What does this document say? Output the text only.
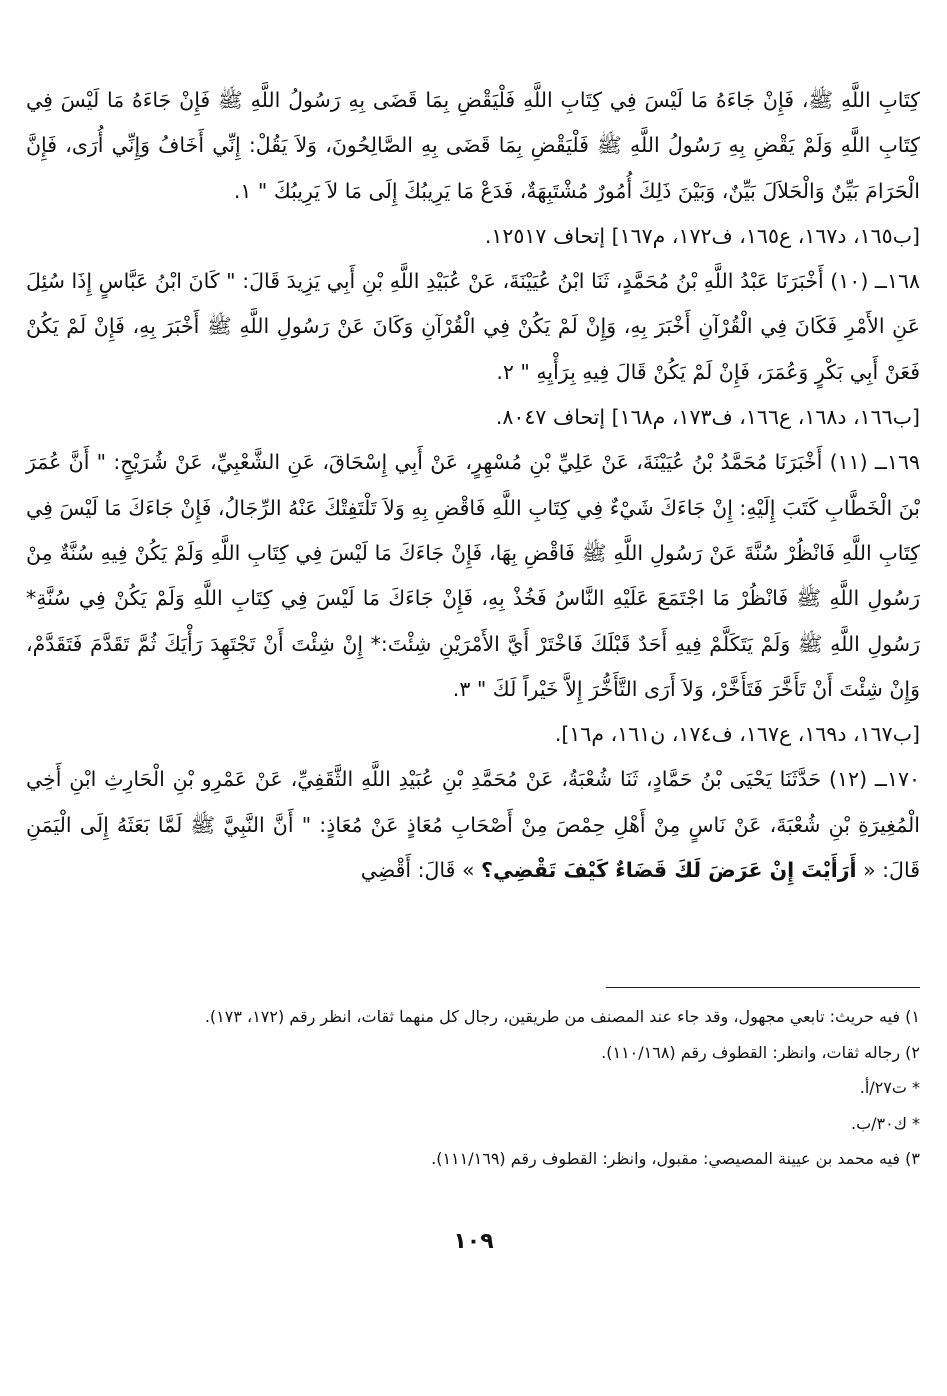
كِتَابِ اللَّهِ ﷺ، فَإِنْ جَاءَهُ مَا لَيْسَ فِي كِتَابِ اللَّهِ فَلْيَقْضِ بِمَا قَضَى بِهِ رَسُولُ اللَّهِ ﷺ فَإِنْ جَاءَهُ مَا لَيْسَ فِي كِتَابِ اللَّهِ وَلَمْ يَقْضِ بِهِ رَسُولُ اللَّهِ ﷺ فَلْيَقْضِ بِمَا قَضَى بِهِ الصَّالِحُونَ، وَلاَ يَقُلْ: إِنِّي أَخَافُ وَإِنِّي أُرَى، فَإِنَّ الْحَرَامَ بَيِّنٌ وَالْحَلاَلَ بَيِّنٌ، وَبَيْنَ ذَلِكَ أُمُورٌ مُشْتَبِهَةٌ، فَدَعْ مَا يَرِيبُكَ إِلَى مَا لاَ يَرِيبُكَ " ١.

[ب١٦٥، د١٦٧، ع١٦٥، ف١٧٢، م١٦٧] إتحاف ١٢٥١٧.

١٦٨ــ (١٠) أَخْبَرَنَا عَبْدُ اللَّهِ بْنُ مُحَمَّدٍ، ثَنَا ابْنُ عُيَيْنَةَ، عَنْ عُبَيْدِ اللَّهِ بْنِ أَبِي يَزِيدَ قَالَ: " كَانَ ابْنُ عَبَّاسٍ إِذَا سُئِلَ عَنِ الأَمْرِ فَكَانَ فِي الْقُرْآنِ أَخْبَرَ بِهِ، وَإِنْ لَمْ يَكُنْ فِي الْقُرْآنِ وَكَانَ عَنْ رَسُولِ اللَّهِ ﷺ أَخْبَرَ بِهِ، فَإِنْ لَمْ يَكُنْ فَعَنْ أَبِي بَكْرٍ وَعُمَرَ، فَإِنْ لَمْ يَكُنْ قَالَ فِيهِ بِرَأْيِهِ " ٢.

[ب١٦٦، د١٦٨، ع١٦٦، ف١٧٣، م١٦٨] إتحاف ٨٠٤٧.

١٦٩ــ (١١) أَخْبَرَنَا مُحَمَّدُ بْنُ عُيَيْنَةَ، عَنْ عَلِيِّ بْنِ مُسْهِرٍ، عَنْ أَبِي إِسْحَاقَ، عَنِ الشَّعْبِيِّ، عَنْ شُرَيْحٍ: " أَنَّ عُمَرَ بْنَ الْخَطَّابِ كَتَبَ إِلَيْهِ: إِنْ جَاءَكَ شَيْءٌ فِي كِتَابِ اللَّهِ فَاقْضِ بِهِ وَلاَ تَلْتَفِتْكَ عَنْهُ الرِّجَالُ، فَإِنْ جَاءَكَ مَا لَيْسَ فِي كِتَابِ اللَّهِ فَانْظُرْ سُنَّةَ عَنْ رَسُولِ اللَّهِ ﷺ فَاقْضِ بِهَا، فَإِنْ جَاءَكَ مَا لَيْسَ فِي كِتَابِ اللَّهِ وَلَمْ يَكُنْ فِيهِ سُنَّةٌ مِنْ رَسُولِ اللَّهِ ﷺ فَانْظُرْ مَا اجْتَمَعَ عَلَيْهِ النَّاسُ فَخُذْ بِهِ، فَإِنْ جَاءَكَ مَا لَيْسَ فِي كِتَابِ اللَّهِ وَلَمْ يَكُنْ فِي سُنَّةِ* رَسُولِ اللَّهِ ﷺ وَلَمْ يَتَكَلَّمْ فِيهِ أَحَدٌ قَبْلَكَ فَاخْتَرْ أَيَّ الأَمْرَيْنِ شِئْتَ:* إِنْ شِئْتَ أَنْ تَجْتَهِدَ رَأْيَكَ ثُمَّ تَقَدَّمَ فَتَقَدَّمْ، وَإِنْ شِئْتَ أَنْ تَأَخَّرَ فَتَأَخَّرْ، وَلاَ أَرَى التَّأَخُّرَ إِلاَّ خَيْراً لَكَ " ٣.

[ب١٦٧، د١٦٩، ع١٦٧، ف١٧٤، ن١٦١، م١٦].

١٧٠ــ (١٢) حَدَّثَنَا يَحْيَى بْنُ حَمَّادٍ، ثَنَا شُعْبَةُ، عَنْ مُحَمَّدِ بْنِ عُبَيْدِ اللَّهِ الثَّقَفِيِّ، عَنْ عَمْرِو بْنِ الْحَارِثِ ابْنِ أَخِي الْمُغِيرَةِ بْنِ شُعْبَةَ، عَنْ نَاسٍ مِنْ أَهْلِ حِمْصَ مِنْ أَصْحَابِ مُعَاذٍ عَنْ مُعَاذٍ: " أَنَّ النَّبِيَّ ﷺ لَمَّا بَعَثَهُ إِلَى الْيَمَنِ قَالَ: « أَرَأَيْتَ إِنْ عَرَضَ لَكَ قَضَاءٌ كَيْفَ تَقْضِي؟ » قَالَ: أَقْضِي

١) فيه حريث: تابعي مجهول، وقد جاء عند المصنف من طريقين، رجال كل منهما ثقات، انظر رقم (١٧٢، ١٧٣).

٢) رجاله ثقات، وانظر: القطوف رقم (١١٠/١٦٨).

* ت٢٧/أ.

* ك٣٠/ب.

٣) فيه محمد بن عيينة المصيصي: مقبول، وانظر: القطوف رقم (١١١/١٦٩).

١٠٩
